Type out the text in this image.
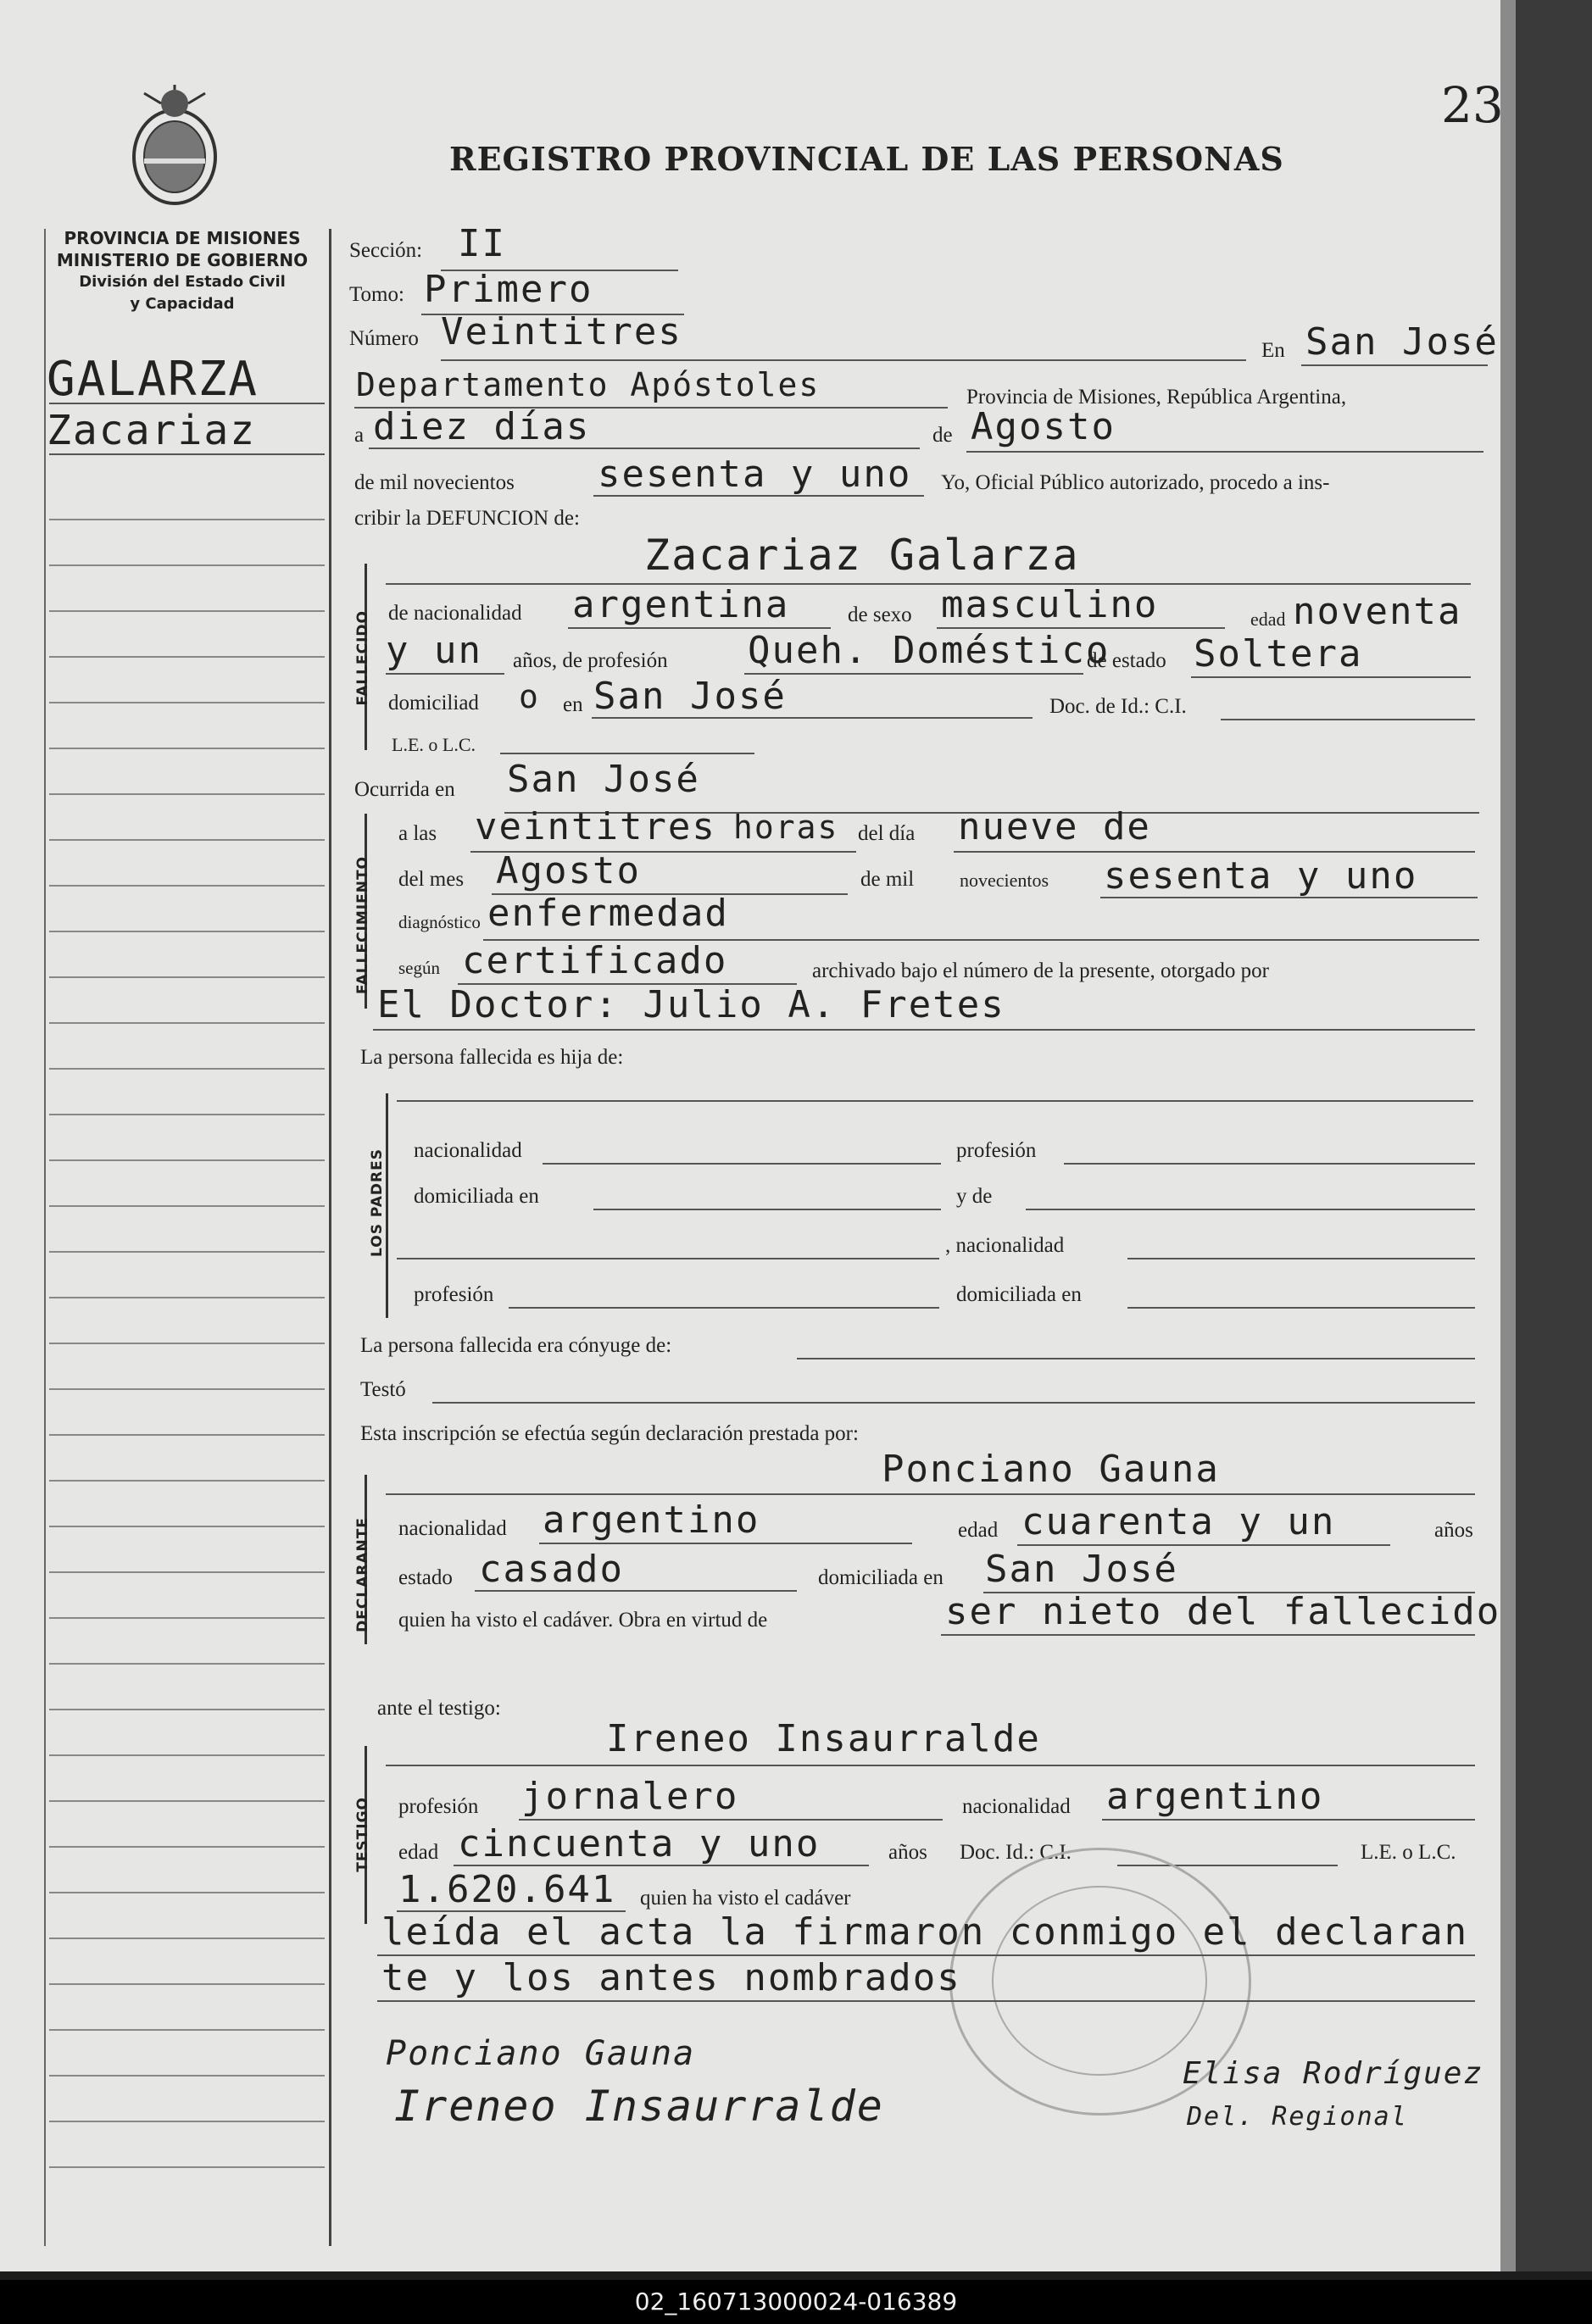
PROVINCIA DE MISIONES
MINISTERIO DE GOBIERNO
División del Estado Civil
y Capacidad
23
REGISTRO PROVINCIAL DE LAS PERSONAS
GALARZA
Zacariaz
Sección: II
Tomo: Primero
Número Veintitres	En San José
Departamento Apóstoles	Provincia de Misiones, República Argentina,
a diez días	de Agosto
de mil novecientos sesenta y uno Yo, Oficial Público autorizado, procedo a ins-
cribir la DEFUNCION de:
FALLECIDO
Zacariaz Galarza
de nacionalidad argentina	de sexo masculino	edad noventa
y un años, de profesión Queh. Doméstico
de estado Soltera
domiciliad o en San José	Doc. de Id.: C.I.
L.E. o L.C.
Ocurrida en San José
FALLECIMIENTO
a las veintitres horas del día nueve de
del mes Agosto	de mil novecientos sesenta y uno
diagnóstico enfermedad
según certificado	archivado bajo el número de la presente, otorgado por
El Doctor: Julio A. Fretes
La persona fallecida es hija de:
LOS PADRES nacionalidad	profesión
domiciliada en	y de
, nacionalidad
profesión	domiciliada en
La persona fallecida era cónyuge de:
Testó
Esta inscripción se efectúa según declaración prestada por:
DECLARANTE
Ponciano Gauna
nacionalidad argentino	edad cuarenta y un	años
estado casado	domiciliada en San José
quien ha visto el cadáver. Obra en virtud de	ser nieto del fallecido
ante el testigo:
TESTIGO
Ireneo Insaurralde
profesión jornalero	nacionalidad argentino
edad cincuenta y uno	años Doc. Id.: C.I.	L.E. o L.C.
1.620.641 quien ha visto el cadáver
leída el acta la firmaron conmigo el declaran
te y los antes nombrados
Ponciano Gauna
Ireneo Insaurralde
Elisa Rodríguez
Del. Regional
02_160713000024-016389
